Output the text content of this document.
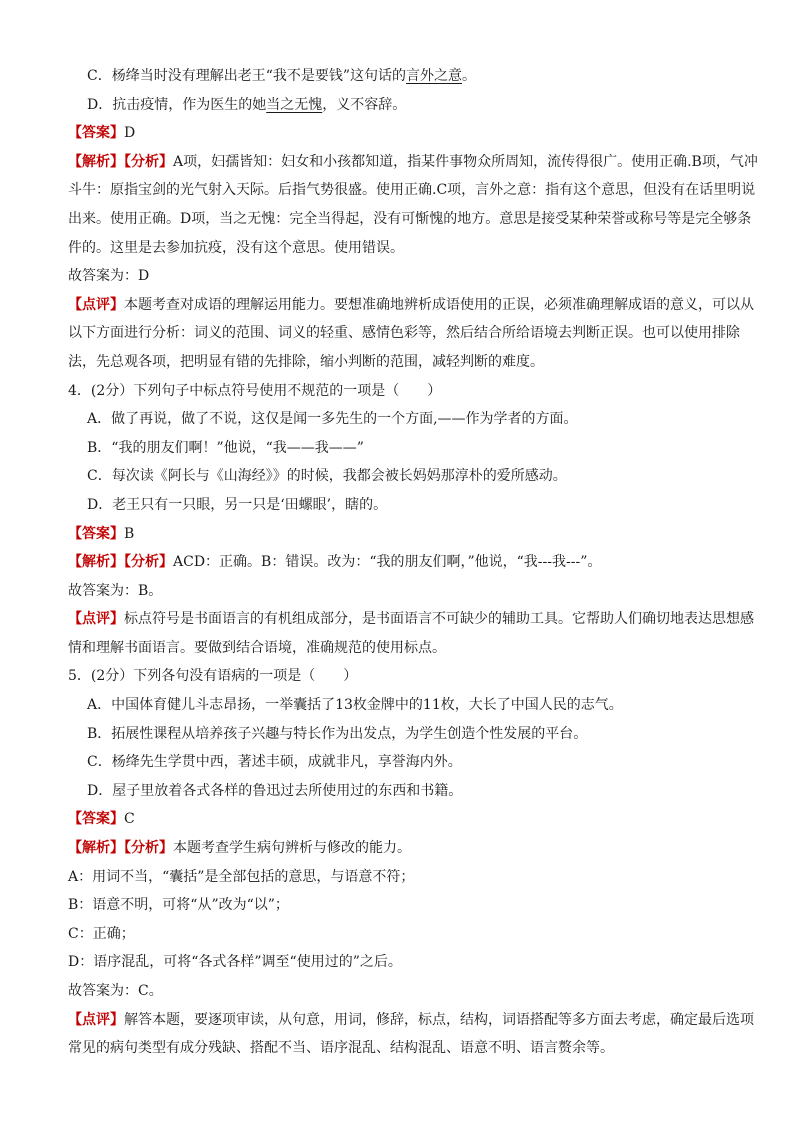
C．杨绛当时没有理解出老王“我不是要钱”这句话的言外之意。
D．抗击疫情，作为医生的她当之无愧，义不容辞。
【答案】D
【解析】【分析】A项，妇孺皆知：妇女和小孩都知道，指某件事物众所周知，流传得很广。使用正确.B项，气冲斗牛：原指宝剑的光气射入天际。后指气势很盛。使用正确.C项，言外之意：指有这个意思，但没有在话里明说出来。使用正确。D项，当之无愧：完全当得起，没有可惭愧的地方。意思是接受某种荣誉或称号等是完全够条件的。这里是去参加抗疫，没有这个意思。使用错误。
故答案为：D
【点评】本题考查对成语的理解运用能力。要想准确地辨析成语使用的正误，必须准确理解成语的意义，可以从以下方面进行分析：词义的范围、词义的轻重、感情色彩等，然后结合所给语境去判断正误。也可以使用排除法，先总观各项，把明显有错的先排除，缩小判断的范围，减轻判断的难度。
4．(2分）下列句子中标点符号使用不规范的一项是（　　）
A．做了再说，做了不说，这仅是闻一多先生的一个方面,——作为学者的方面。
B．“我的朋友们啊！”他说，“我——我——”
C．每次读《阿长与《山海经》》的时候，我都会被长妈妈那淳朴的爱所感动。
D．老王只有一只眼，另一只是‘田螺眼’，瞎的。
【答案】B
【解析】【分析】ACD：正确。B：错误。改为：“我的朋友们啊，”他说，“我---我---”。
故答案为：B。
【点评】标点符号是书面语言的有机组成部分，是书面语言不可缺少的辅助工具。它帮助人们确切地表达思想感情和理解书面语言。要做到结合语境，准确规范的使用标点。
5．(2分）下列各句没有语病的一项是（　　）
A．中国体育健儿斗志昂扬，一举囊括了13枚金牌中的11枚，大长了中国人民的志气。
B．拓展性课程从培养孩子兴趣与特长作为出发点，为学生创造个性发展的平台。
C．杨绛先生学贯中西，著述丰硕，成就非凡，享誉海内外。
D．屋子里放着各式各样的鲁迅过去所使用过的东西和书籍。
【答案】C
【解析】【分析】本题考查学生病句辨析与修改的能力。
A：用词不当，“囊括”是全部包括的意思，与语意不符；
B：语意不明，可将“从”改为“以”；
C：正确；
D：语序混乱，可将“各式各样”调至“使用过的”之后。
故答案为：C。
【点评】解答本题，要逐项审读，从句意，用词，修辞，标点，结构，词语搭配等多方面去考虑，确定最后选项常见的病句类型有成分残缺、搭配不当、语序混乱、结构混乱、语意不明、语言赘余等。
